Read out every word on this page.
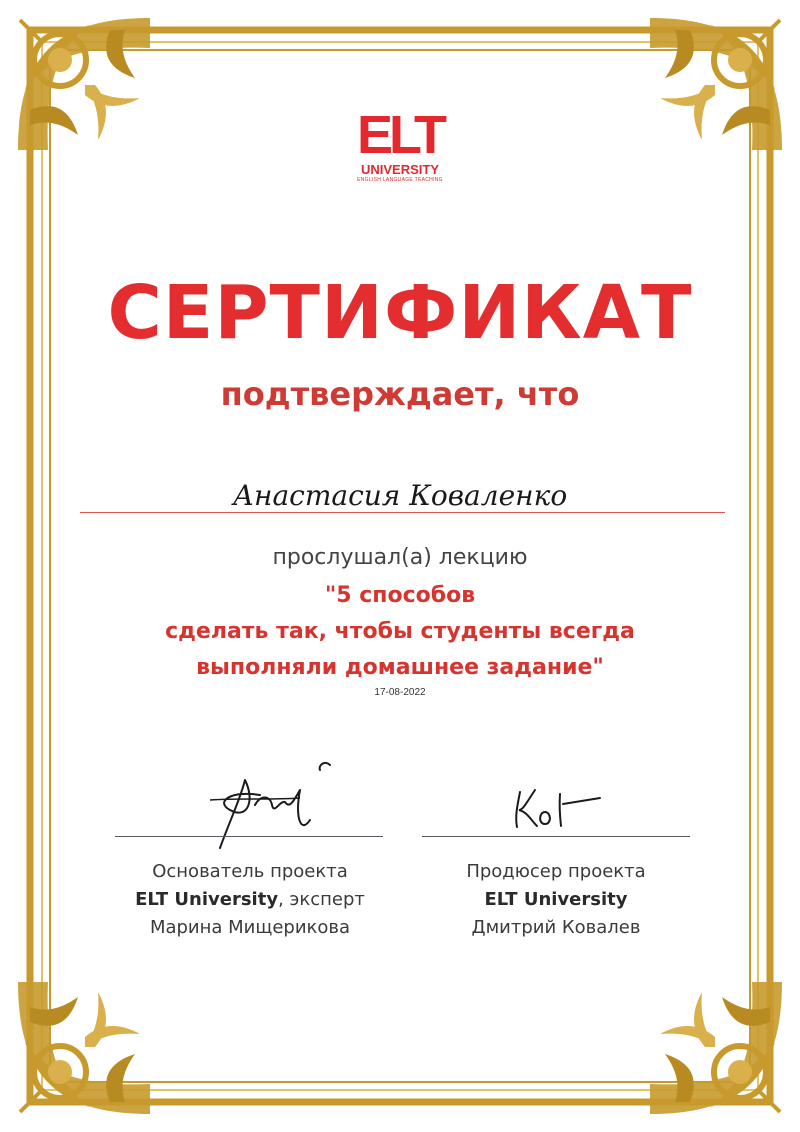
ELT
UNIVERSITY
ENGLISH LANGUAGE TEACHING
СЕРТИФИКАТ
подтверждает, что
Анастасия Коваленко
прослушал(а) лекцию
"5 способов
сделать так, чтобы студенты всегда
выполняли домашнее задание"
17-08-2022
Основатель проекта
ELT University, эксперт
Марина Мищерикова
Продюсер проекта
ELT University
Дмитрий Ковалев
